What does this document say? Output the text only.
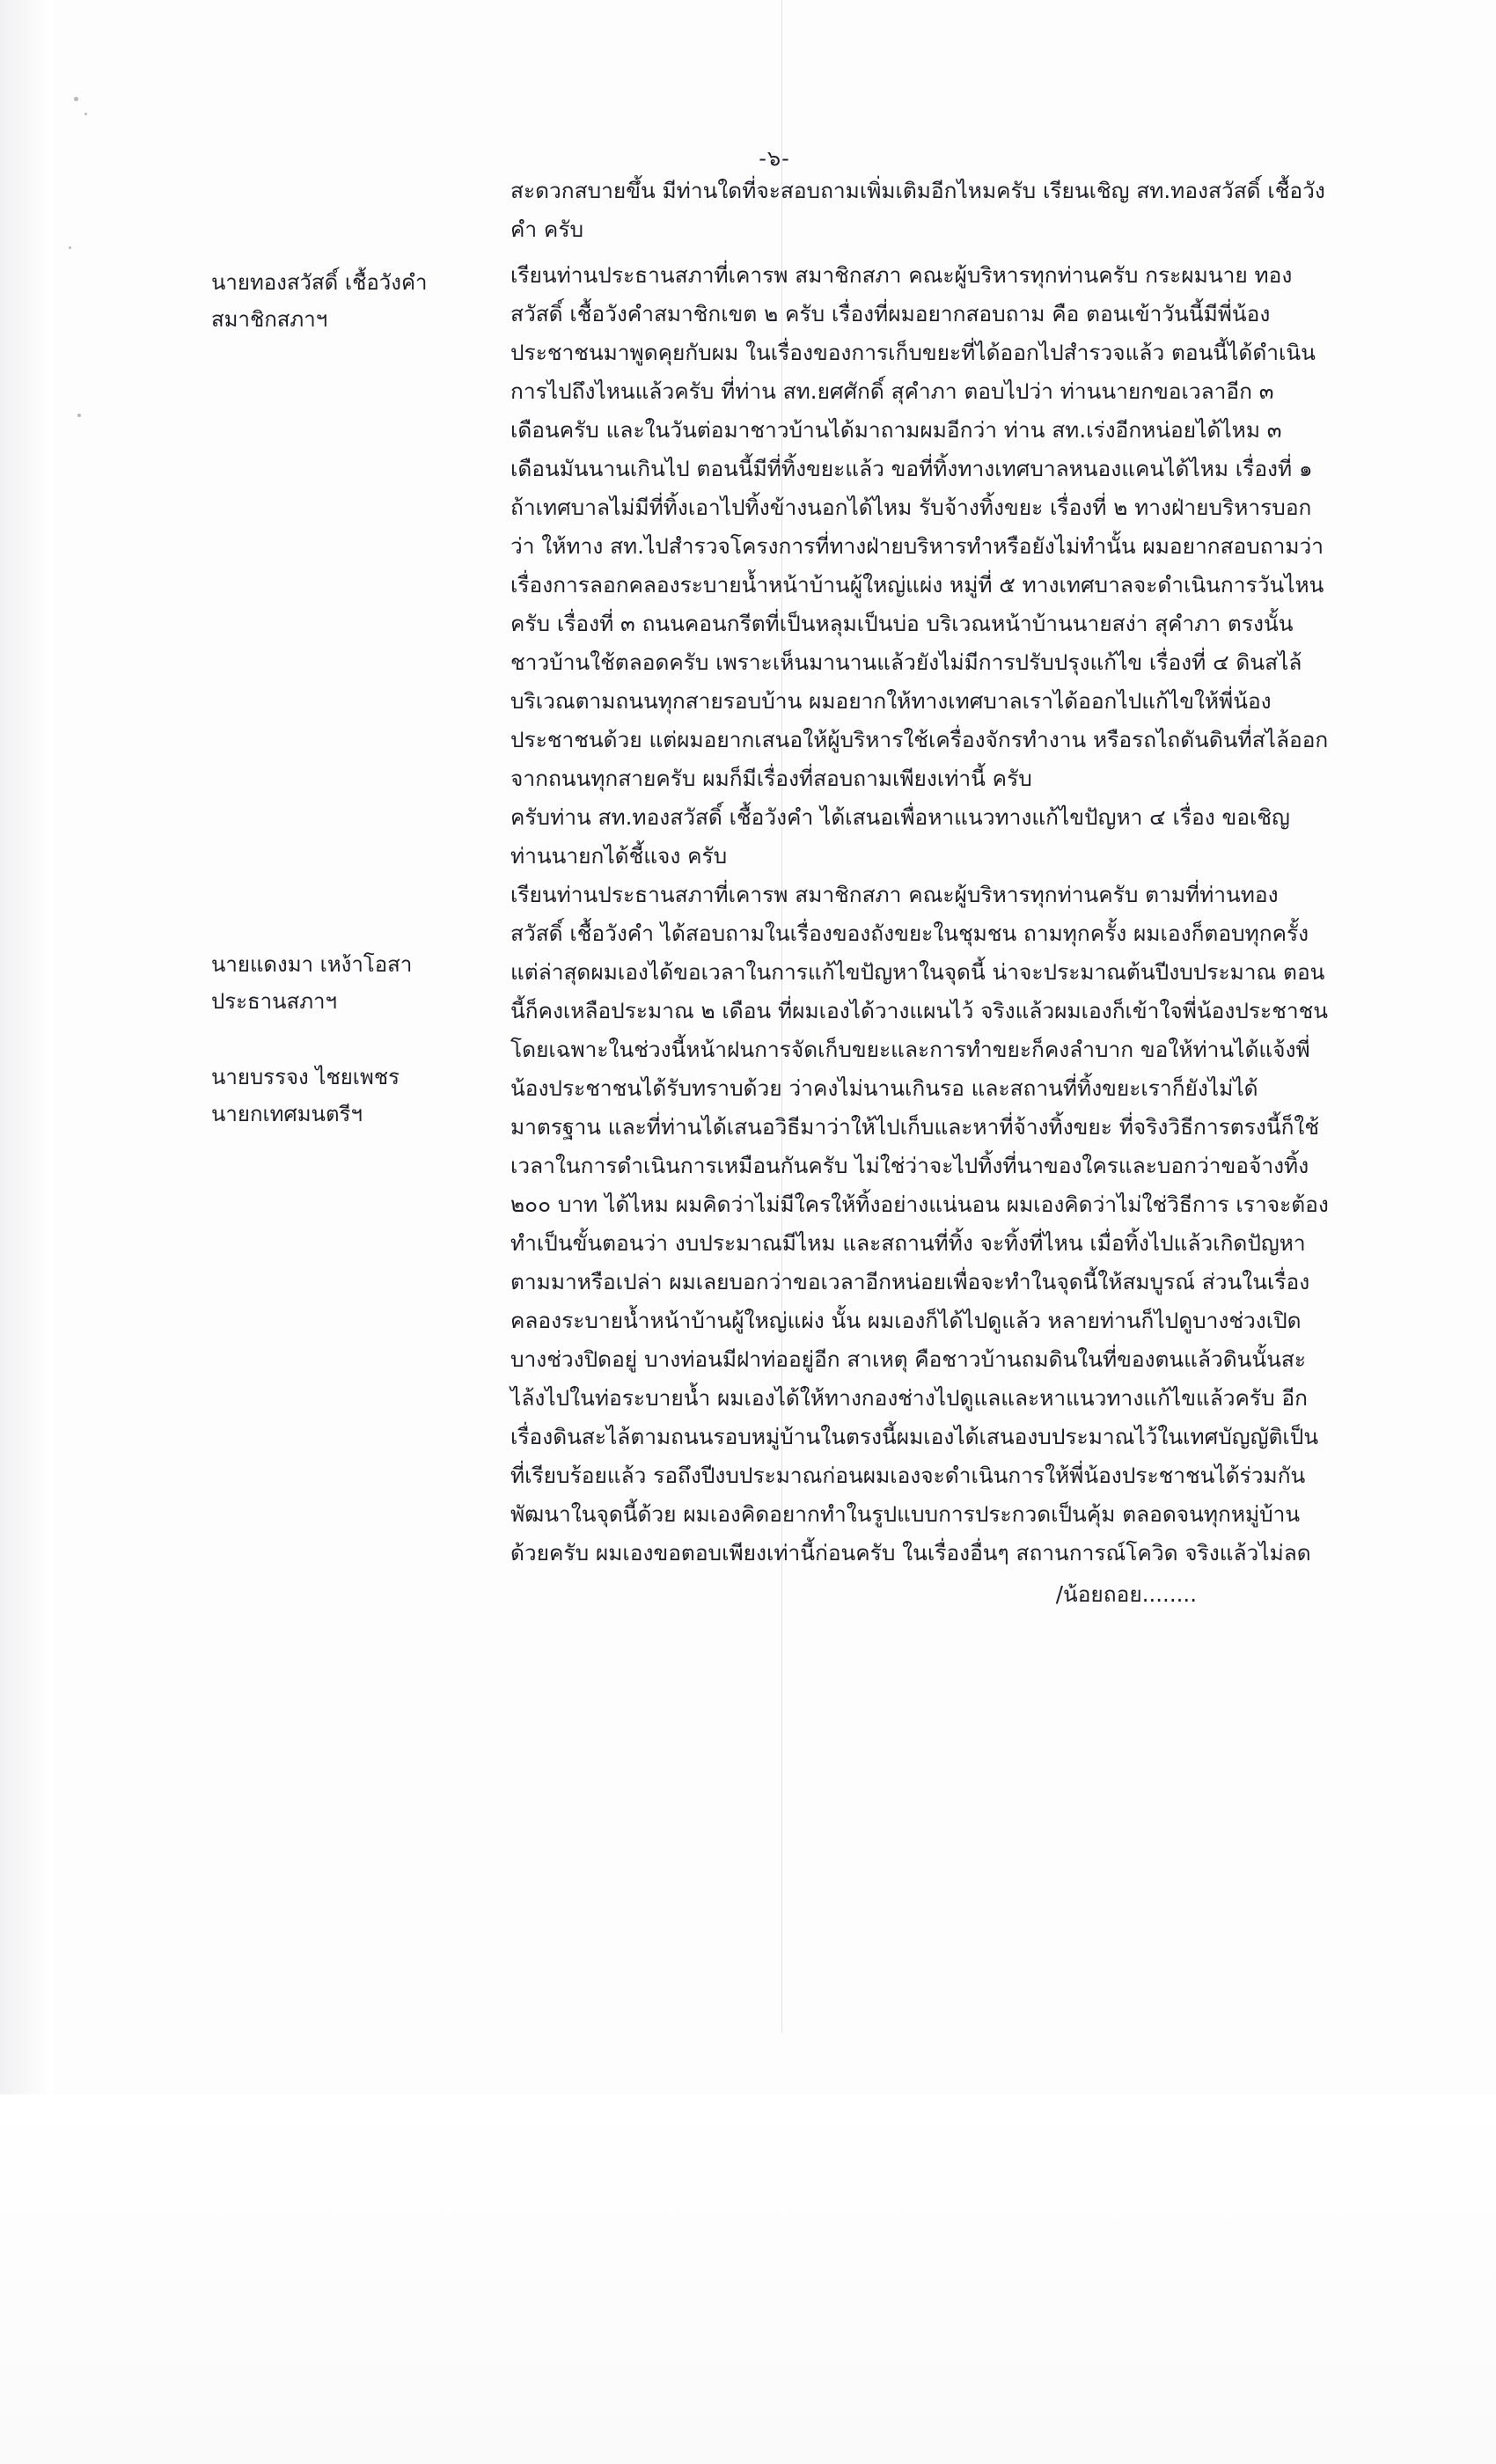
-๖-
นายทองสวัสดิ์ เชื้อวังคำ
สมาชิกสภาฯ
นายแดงมา เหง้าโอสา
ประธานสภาฯ
นายบรรจง ไชยเพชร
นายกเทศมนตรีฯ

สะดวกสบายขึ้น มีท่านใดที่จะสอบถามเพิ่มเติมอีกไหมครับ เรียนเชิญ สท.ทองสวัสดิ์ เชื้อวังคำ ครับ

เรียนท่านประธานสภาที่เคารพ สมาชิกสภา คณะผู้บริหารทุกท่านครับ กระผมนาย ทองสวัสดิ์ เชื้อวังคำสมาชิกเขต ๒ ครับ เรื่องที่ผมอยากสอบถาม คือ ตอนเข้าวันนี้มีพี่น้องประชาชนมาพูดคุยกับผม ในเรื่องของการเก็บขยะที่ได้ออกไปสำรวจแล้ว ตอนนี้ได้ดำเนินการไปถึงไหนแล้วครับ ที่ท่าน สท.ยศศักดิ์ สุคำภา ตอบไปว่า ท่านนายกขอเวลาอีก ๓ เดือนครับ และในวันต่อมาชาวบ้านได้มาถามผมอีกว่า ท่าน สท.เร่งอีกหน่อยได้ไหม ๓ เดือนมันนานเกินไป ตอนนี้มีที่ทิ้งขยะแล้ว ขอที่ทิ้งทางเทศบาลหนองแคนได้ไหม เรื่องที่ ๑ ถ้าเทศบาลไม่มีที่ทิ้งเอาไปทิ้งข้างนอกได้ไหม รับจ้างทิ้งขยะ เรื่องที่ ๒ ทางฝ่ายบริหารบอกว่า ให้ทาง สท.ไปสำรวจโครงการที่ทางฝ่ายบริหารทำหรือยังไม่ทำนั้น ผมอยากสอบถามว่า เรื่องการลอกคลองระบายน้ำหน้าบ้านผู้ใหญ่แผ่ง หมู่ที่ ๕ ทางเทศบาลจะดำเนินการวันไหน ครับ เรื่องที่ ๓ ถนนคอนกรีตที่เป็นหลุมเป็นบ่อ บริเวณหน้าบ้านนายสง่า สุคำภา ตรงนั้นชาวบ้านใช้ตลอดครับ เพราะเห็นมานานแล้วยังไม่มีการปรับปรุงแก้ไข เรื่องที่ ๔ ดินสไล้บริเวณตามถนนทุกสายรอบบ้าน ผมอยากให้ทางเทศบาลเราได้ออกไปแก้ไขให้พี่น้องประชาชนด้วย แต่ผมอยากเสนอให้ผู้บริหารใช้เครื่องจักรทำงาน หรือรถไถดันดินที่สไล้ออกจากถนนทุกสายครับ ผมก็มีเรื่องที่สอบถามเพียงเท่านี้ ครับ

ครับท่าน สท.ทองสวัสดิ์ เชื้อวังคำ ได้เสนอเพื่อหาแนวทางแก้ไขปัญหา ๔ เรื่อง ขอเชิญท่านนายกได้ชี้แจง ครับ

เรียนท่านประธานสภาที่เคารพ สมาชิกสภา คณะผู้บริหารทุกท่านครับ ตามที่ท่านทองสวัสดิ์ เชื้อวังคำ ได้สอบถามในเรื่องของถังขยะในชุมชน ถามทุกครั้ง ผมเองก็ตอบทุกครั้ง แต่ล่าสุดผมเองได้ขอเวลาในการแก้ไขปัญหาในจุดนี้ น่าจะประมาณต้นปีงบประมาณ ตอนนี้ก็คงเหลือประมาณ ๒ เดือน ที่ผมเองได้วางแผนไว้ จริงแล้วผมเองก็เข้าใจพี่น้องประชาชน โดยเฉพาะในช่วงนี้หน้าฝนการจัดเก็บขยะและการทำขยะก็คงลำบาก ขอให้ท่านได้แจ้งพี่น้องประชาชนได้รับทราบด้วย ว่าคงไม่นานเกินรอ และสถานที่ทิ้งขยะเราก็ยังไม่ได้มาตรฐาน และที่ท่านได้เสนอวิธีมาว่าให้ไปเก็บและหาที่จ้างทิ้งขยะ ที่จริงวิธีการตรงนี้ก็ใช้เวลาในการดำเนินการเหมือนกันครับ ไม่ใช่ว่าจะไปทิ้งที่นาของใครและบอกว่าขอจ้างทิ้ง ๒๐๐ บาท ได้ไหม ผมคิดว่าไม่มีใครให้ทิ้งอย่างแน่นอน ผมเองคิดว่าไม่ใช่วิธีการ เราจะต้องทำเป็นขั้นตอนว่า งบประมาณมีไหม และสถานที่ทิ้ง จะทิ้งที่ไหน เมื่อทิ้งไปแล้วเกิดปัญหาตามมาหรือเปล่า ผมเลยบอกว่าขอเวลาอีกหน่อยเพื่อจะทำในจุดนี้ให้สมบูรณ์ ส่วนในเรื่อง คลองระบายน้ำหน้าบ้านผู้ใหญ่แผ่ง นั้น ผมเองก็ได้ไปดูแล้ว หลายท่านก็ไปดูบางช่วงเปิด บางช่วงปิดอยู่ บางท่อนมีฝาท่ออยู่อีก สาเหตุ คือชาวบ้านถมดินในที่ของตนแล้วดินนั้นสะไล้งไปในท่อระบายน้ำ ผมเองได้ให้ทางกองช่างไปดูแลและหาแนวทางแก้ไขแล้วครับ อีกเรื่องดินสะไล้ตามถนนรอบหมู่บ้านในตรงนี้ผมเองได้เสนองบประมาณไว้ในเทศบัญญัติเป็นที่เรียบร้อยแล้ว รอถึงปีงบประมาณก่อนผมเองจะดำเนินการให้พี่น้องประชาชนได้ร่วมกันพัฒนาในจุดนี้ด้วย ผมเองคิดอยากทำในรูปแบบการประกวดเป็นคุ้ม ตลอดจนทุกหมู่บ้านด้วยครับ ผมเองขอตอบเพียงเท่านี้ก่อนครับ ในเรื่องอื่นๆ สถานการณ์โควิด จริงแล้วไม่ลด

/น้อยถอย........
